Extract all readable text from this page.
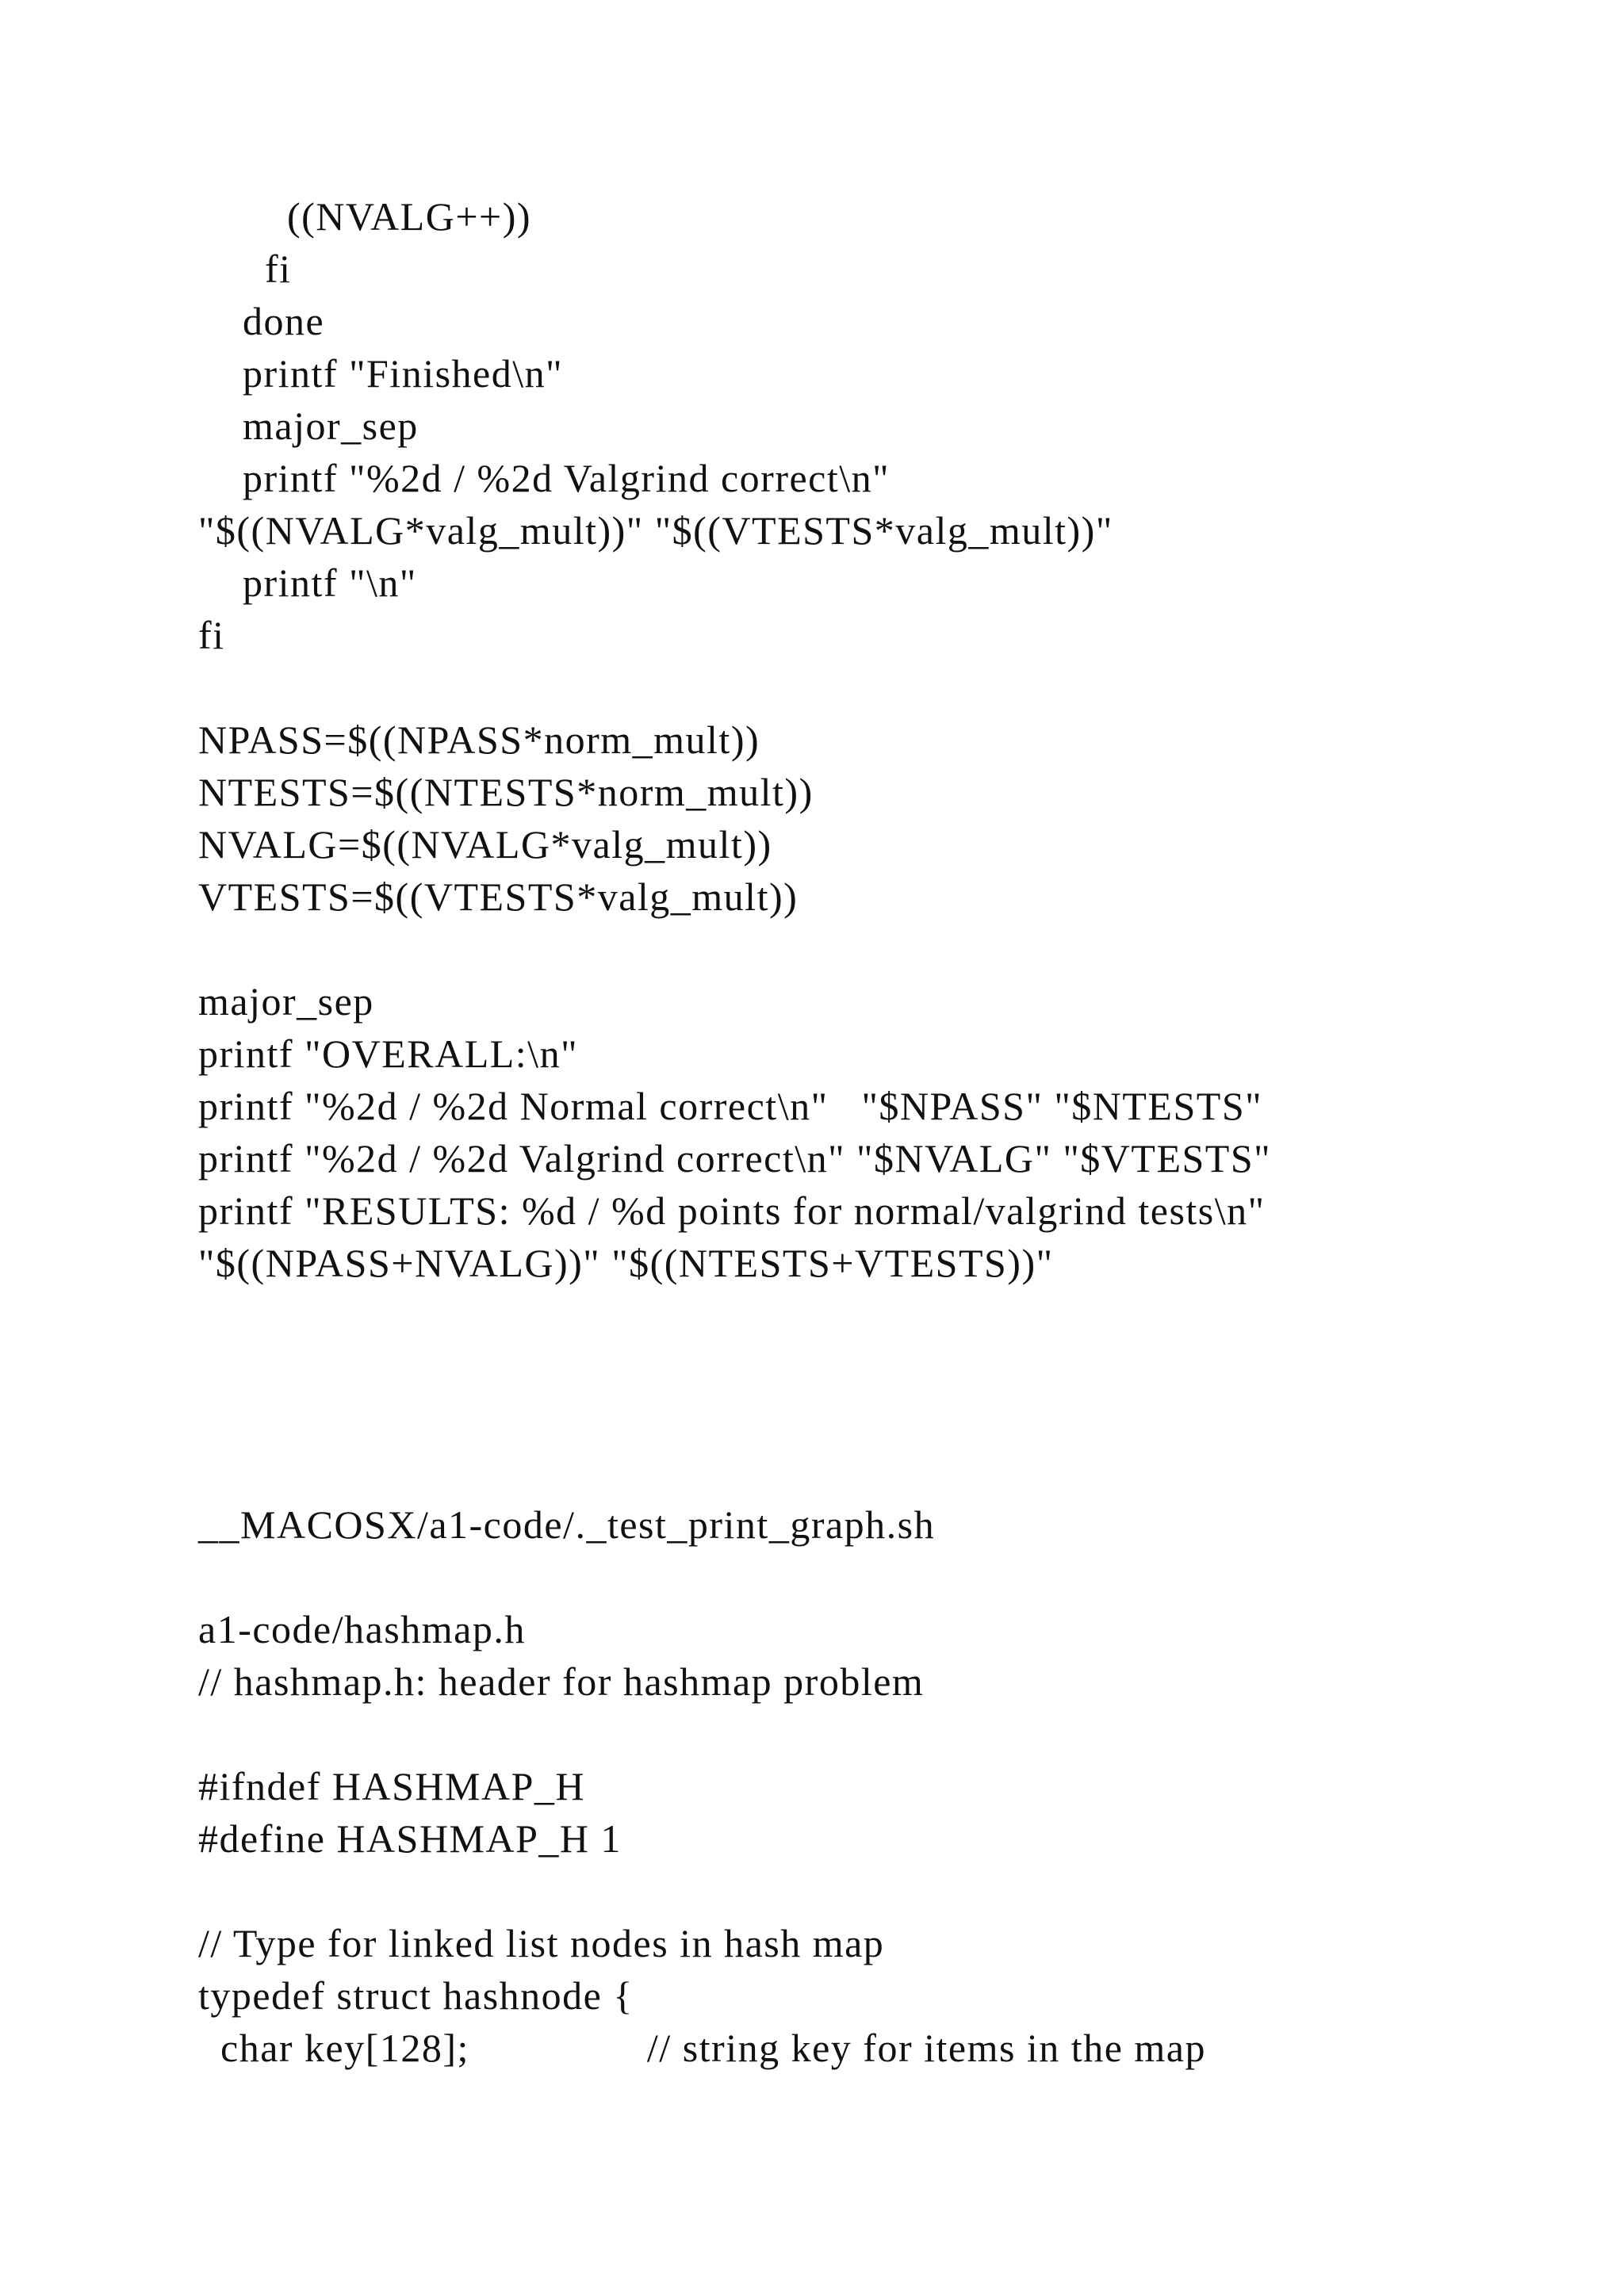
((NVALG++))

fi

done

printf "Finished\n"

major_sep

printf "%2d / %2d Valgrind correct\n"

"$((NVALG*valg_mult))" "$((VTESTS*valg_mult))"

printf "\n"

fi

NPASS=$((NPASS*norm_mult))

NTESTS=$((NTESTS*norm_mult))

NVALG=$((NVALG*valg_mult))

VTESTS=$((VTESTS*valg_mult))

major_sep

printf "OVERALL:\n"

printf "%2d / %2d Normal correct\n"   "$NPASS" "$NTESTS"

printf "%2d / %2d Valgrind correct\n" "$NVALG" "$VTESTS"

printf "RESULTS: %d / %d points for normal/valgrind tests\n"

"$((NPASS+NVALG))" "$((NTESTS+VTESTS))"

__MACOSX/a1-code/._test_print_graph.sh

a1-code/hashmap.h

// hashmap.h: header for hashmap problem

#ifndef HASHMAP_H

#define HASHMAP_H 1

// Type for linked list nodes in hash map

typedef struct hashnode {

char key[128];                // string key for items in the map
